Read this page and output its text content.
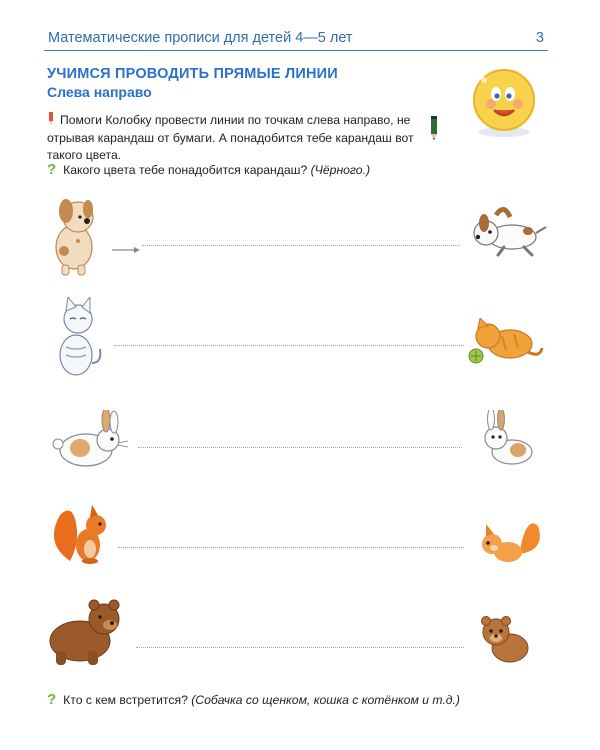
Математические прописи для детей 4—5 лет	3
УЧИМСЯ ПРОВОДИТЬ ПРЯМЫЕ ЛИНИИ
Слева направо
Помоги Колобку провести линии по точкам слева направо, не отрывая карандаш от бумаги. А понадобится тебе карандаш вот такого цвета.
? Какого цвета тебе понадобится карандаш? (Чёрного.)
? Кто с кем встретится? (Собачка со щенком, кошка с котёнком и т.д.)
